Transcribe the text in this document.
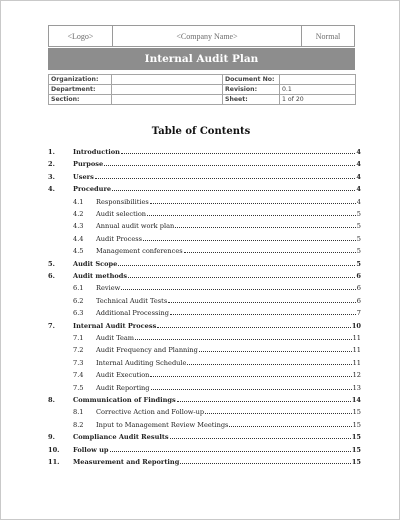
<Logo>	<Company Name>	Normal
Internal Audit Plan
Organization:		Document No:	
Department:		Revision:	0.1
Section:		Sheet:	1 of 20
Table of Contents
1.	Introduction	4
2.	Purpose	4
3.	Users	4
4.	Procedure	4
4.1	Responsibilities	4
4.2	Audit selection	5
4.3	Annual audit work plan	5
4.4	Audit Process	5
4.5	Management conferences	5
5.	Audit Scope	5
6.	Audit methods	6
6.1	Review	6
6.2	Technical Audit Tests	6
6.3	Additional Processing	7
7.	Internal Audit Process	10
7.1	Audit Team	11
7.2	Audit Frequency and Planning	11
7.3	Internal Auditing Schedule	11
7.4	Audit Execution	12
7.5	Audit Reporting	13
8.	Communication of Findings	14
8.1	Corrective Action and Follow-up	15
8.2	Input to Management Review Meetings	15
9.	Compliance Audit Results	15
10.	Follow up	15
11.	Measurement and Reporting	15
